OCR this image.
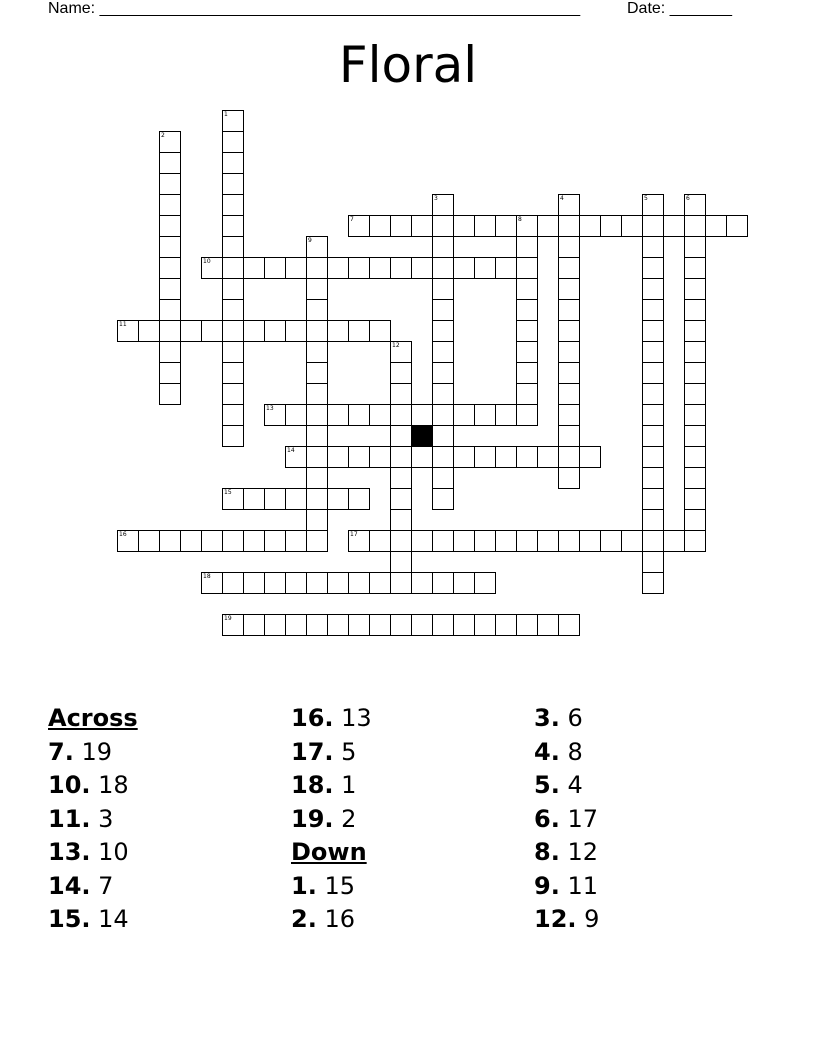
Name: ______________________________________________________	Date: _______
Floral
1
2
3	4	5	6
7	8
9
10
11
12
13
14
15
16	17
18
19
Across
7. 19
10. 18
11. 3
13. 10
14. 7
15. 14
16. 13
17. 5
18. 1
19. 2
Down
1. 15
2. 16
3. 6
4. 8
5. 4
6. 17
8. 12
9. 11
12. 9
